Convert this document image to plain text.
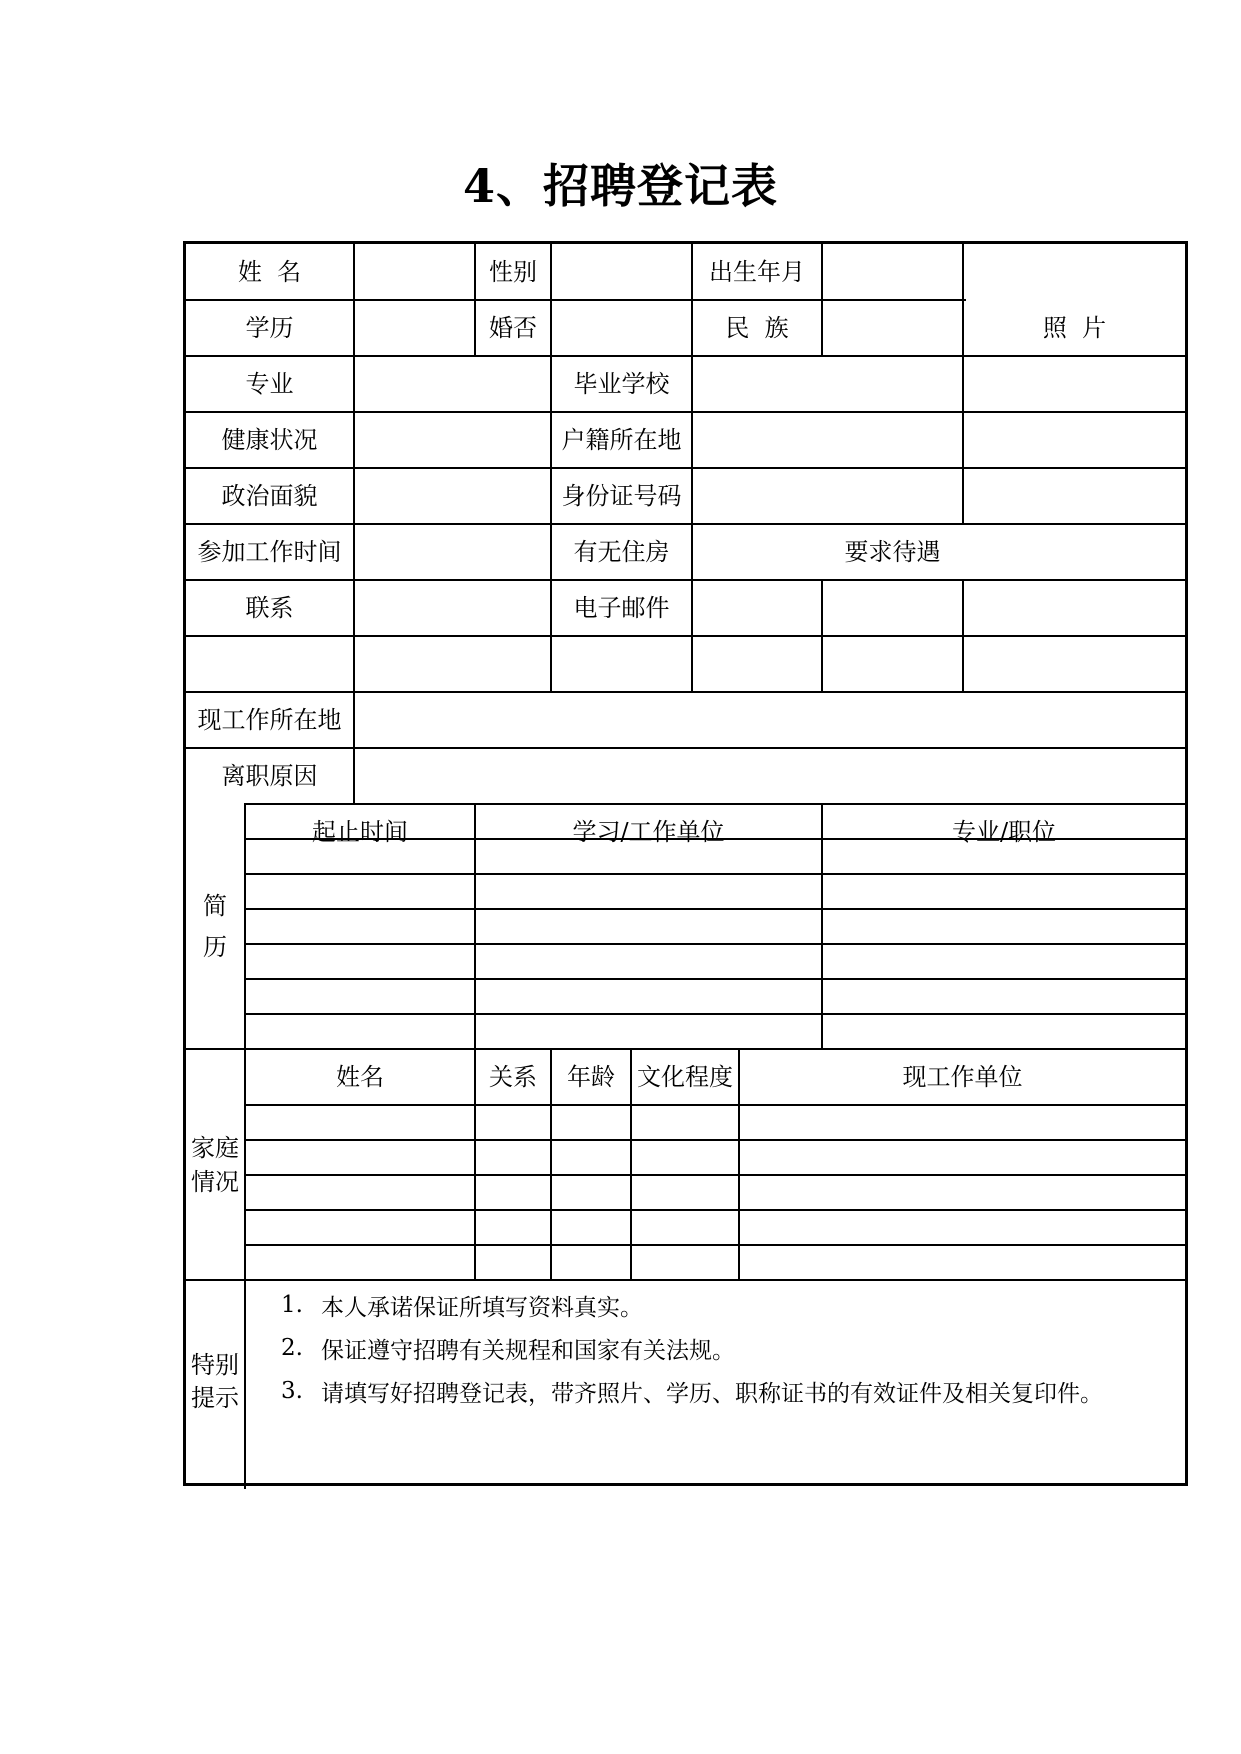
4、招聘登记表
姓  名	性别	出生年月
学历	婚否	民  族	照  片
专业	毕业学校
健康状况	户籍所在地
政治面貌	身份证号码
参加工作时间	有无住房	要求待遇
联系	电子邮件
现工作所在地
离职原因
简
历
起止时间	学习/工作单位	专业/职位
家庭
情况
姓名	关系	年龄 文化程度	现工作单位
特别
提示
1. 本人承诺保证所填写资料真实。
2. 保证遵守招聘有关规程和国家有关法规。
3. 请填写好招聘登记表，带齐照片、学历、职称证书的有效证件及相关复印件。
